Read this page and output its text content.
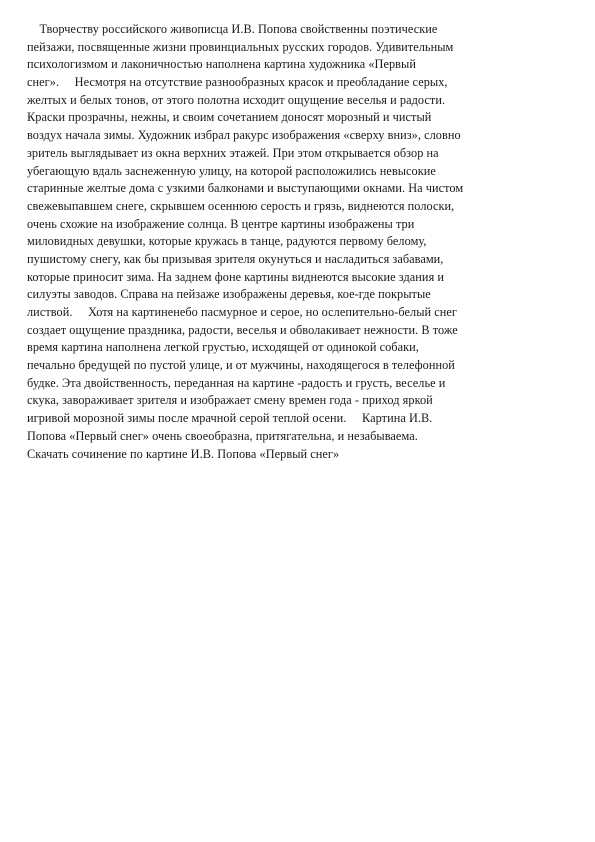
Творчеству российского живописца И.В. Попова свойственны поэтические
пейзажи, посвященные жизни провинциальных русских городов. Удивительным
психологизмом и лаконичностью наполнена картина художника «Первый
снег».     Несмотря на отсутствие разнообразных красок и преобладание серых,
желтых и белых тонов, от этого полотна исходит ощущение веселья и радости.
Краски прозрачны, нежны, и своим сочетанием доносят морозный и чистый
воздух начала зимы. Художник избрал ракурс изображения «сверху вниз», словно
зритель выглядывает из окна верхних этажей. При этом открывается обзор на
убегающую вдаль заснеженную улицу, на которой расположились невысокие
старинные желтые дома с узкими балконами и выступающими окнами. На чистом
свежевыпавшем снеге, скрывшем осеннюю серость и грязь, виднеются полоски,
очень схожие на изображение солнца. В центре картины изображены три
миловидных девушки, которые кружась в танце, радуются первому белому,
пушистому снегу, как бы призывая зрителя окунуться и насладиться забавами,
которые приносит зима. На заднем фоне картины виднеются высокие здания и
силуэты заводов. Справа на пейзаже изображены деревья, кое-где покрытые
листвой.     Хотя на картиненебо пасмурное и серое, но ослепительно-белый снег
создает ощущение праздника, радости, веселья и обволакивает нежности. В тоже
время картина наполнена легкой грустью, исходящей от одинокой собаки,
печально бредущей по пустой улице, и от мужчины, находящегося в телефонной
будке. Эта двойственность, переданная на картине -радость и грусть, веселье и
скука, завораживает зрителя и изображает смену времен года - приход яркой
игривой морозной зимы после мрачной серой теплой осени.     Картина И.В.
Попова «Первый снег» очень своеобразна, притягательна, и незабываема.
Скачать сочинение по картине И.В. Попова «Первый снег»
